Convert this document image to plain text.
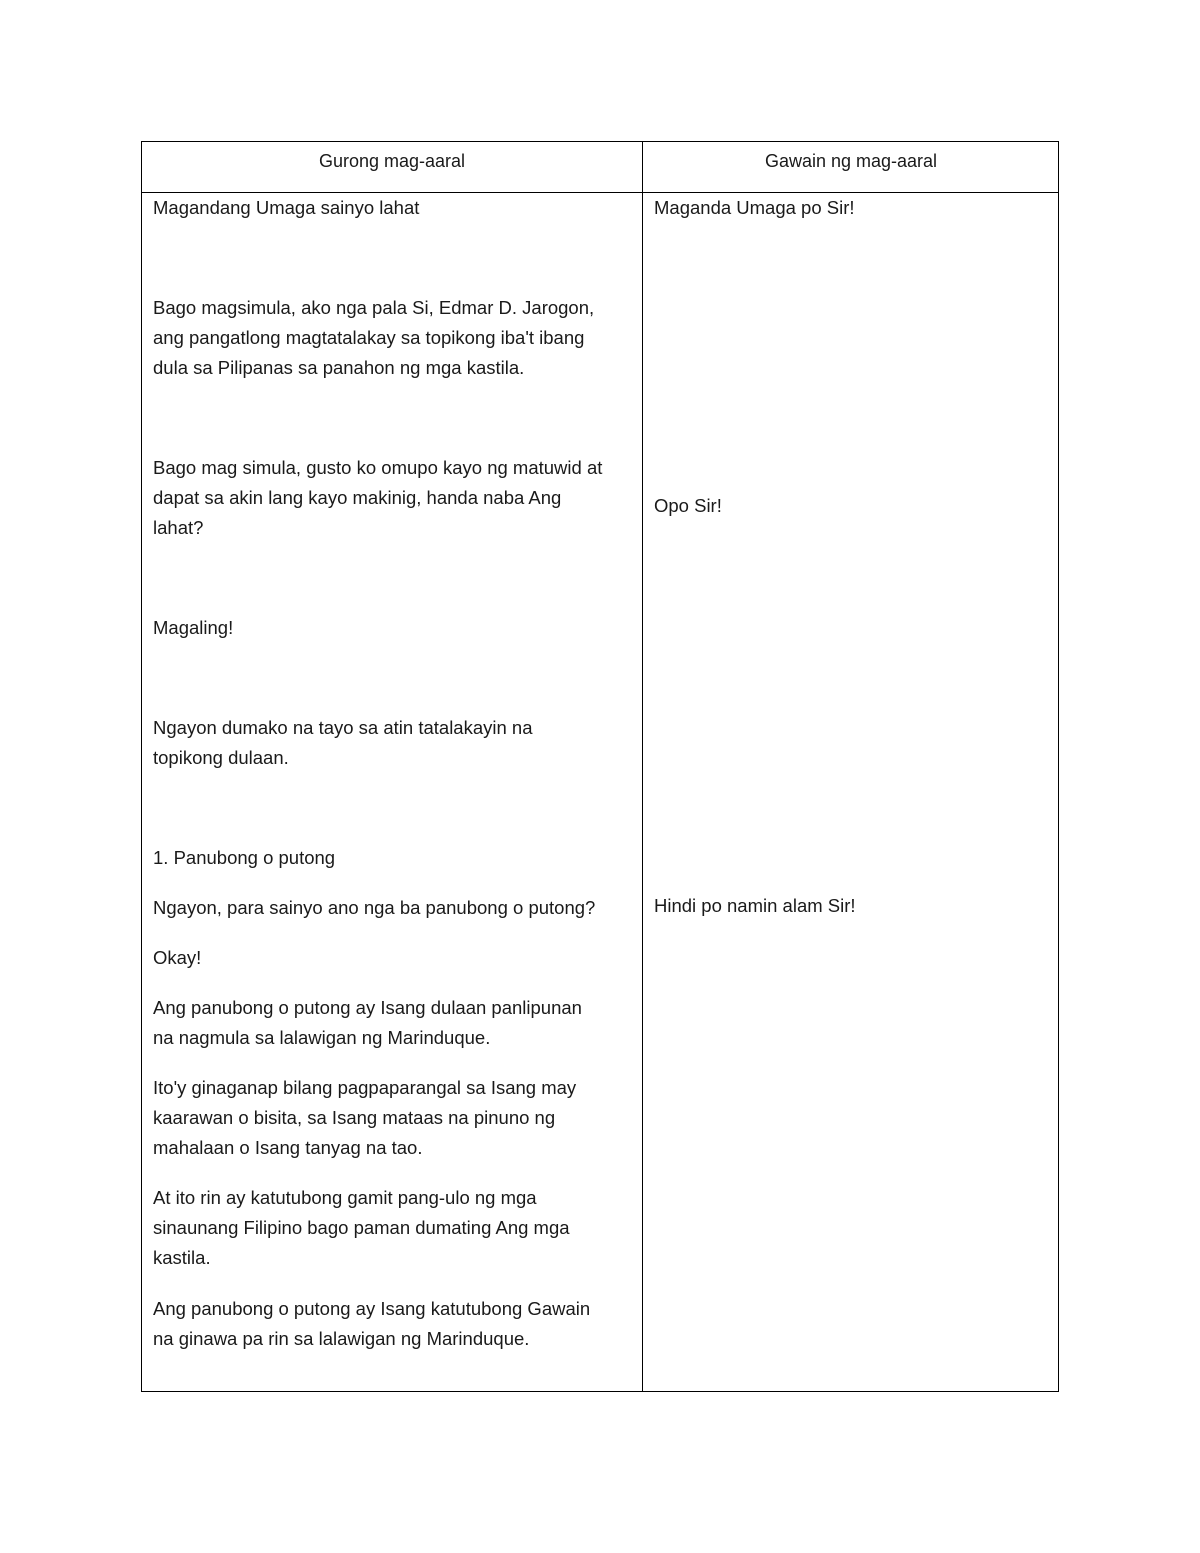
Gurong mag-aaral	Gawain ng mag-aaral
Magandang Umaga sainyo lahat
Bago magsimula, ako nga pala Si, Edmar D. Jarogon,
ang pangatlong magtatalakay sa topikong iba't ibang
dula sa Pilipanas sa panahon ng mga kastila.
Bago mag simula, gusto ko omupo kayo ng matuwid at
dapat sa akin lang kayo makinig, handa naba Ang
lahat?
Magaling!
Ngayon dumako na tayo sa atin tatalakayin na
topikong dulaan.
1. Panubong o putong
Ngayon, para sainyo ano nga ba panubong o putong?
Okay!
Ang panubong o putong ay Isang dulaan panlipunan
na nagmula sa lalawigan ng Marinduque.
Ito'y ginaganap bilang pagpaparangal sa Isang may
kaarawan o bisita, sa Isang mataas na pinuno ng
mahalaan o Isang tanyag na tao.
At ito rin ay katutubong gamit pang-ulo ng mga
sinaunang Filipino bago paman dumating Ang mga
kastila.
Ang panubong o putong ay Isang katutubong Gawain
na ginawa pa rin sa lalawigan ng Marinduque.
Maganda Umaga po Sir!
Opo Sir!
Hindi po namin alam Sir!
